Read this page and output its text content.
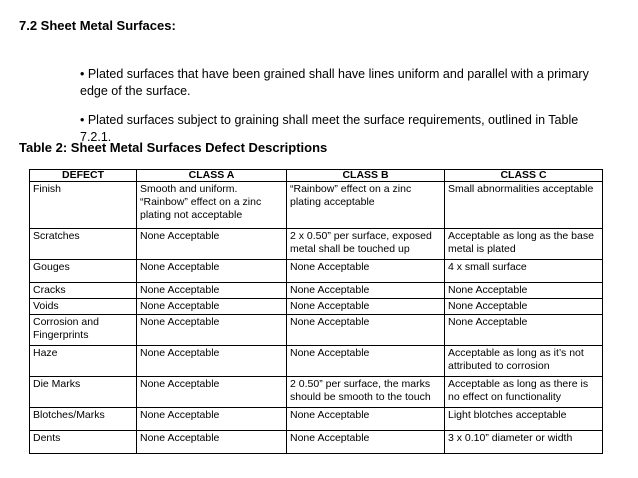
7.2 Sheet Metal Surfaces:

• Plated surfaces that have been grained shall have lines uniform and parallel with a primary edge of the surface.

• Plated surfaces subject to graining shall meet the surface requirements, outlined in Table 7.2.1.

Table 2: Sheet Metal Surfaces Defect Descriptions
DEFECT	CLASS A	CLASS B	CLASS C
Finish	Smooth and uniform. “Rainbow” effect on a zinc plating not acceptable	“Rainbow” effect on a zinc plating acceptable	Small abnormalities acceptable
Scratches	None Acceptable	2 x 0.50” per surface, exposed metal shall be touched up	Acceptable as long as the base metal is plated
Gouges	None Acceptable	None Acceptable	4 x small surface
Cracks	None Acceptable	None Acceptable	None Acceptable
Voids	None Acceptable	None Acceptable	None Acceptable
Corrosion and Fingerprints	None Acceptable	None Acceptable	None Acceptable
Haze	None Acceptable	None Acceptable	Acceptable as long as it’s not attributed to corrosion
Die Marks	None Acceptable	2 0.50” per surface, the marks should be smooth to the touch	Acceptable as long as there is no effect on functionality
Blotches/Marks	None Acceptable	None Acceptable	Light blotches acceptable
Dents	None Acceptable	None Acceptable	3 x 0.10” diameter or width
